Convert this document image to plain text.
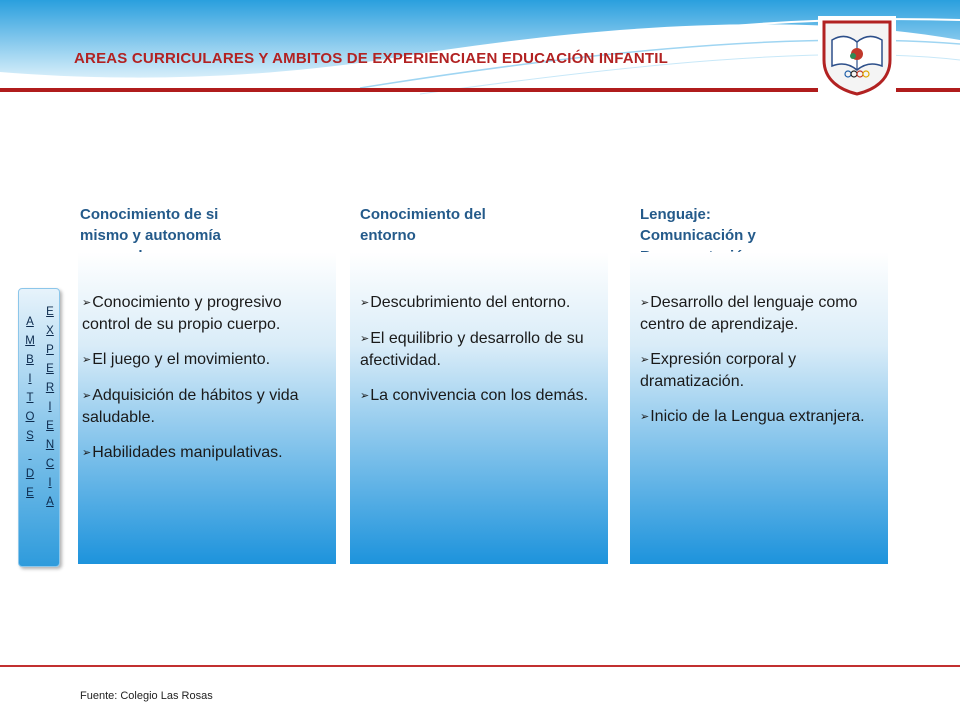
AREAS CURRICULARES Y AMBITOS DE EXPERIENCIAEN EDUCACIÓN INFANTIL
A
M
B
I
T
O
S

D
E
E
X
P
E
R
I
E
N
C
I
A
Conocimiento de si
mismo y autonomía
➢Conocimiento y progresivo control de su propio cuerpo.
➢El juego y el movimiento.
➢Adquisición de hábitos y vida saludable.
➢Habilidades manipulativas.
Conocimiento del
entorno
➢Descubrimiento del entorno.
➢El equilibrio y desarrollo de su afectividad.
➢La convivencia con los demás.
Lenguaje:
Comunicación y
➢Desarrollo del lenguaje como centro de aprendizaje.
➢Expresión corporal y dramatización.
➢Inicio de la Lengua extranjera.
Fuente: Colegio Las Rosas
